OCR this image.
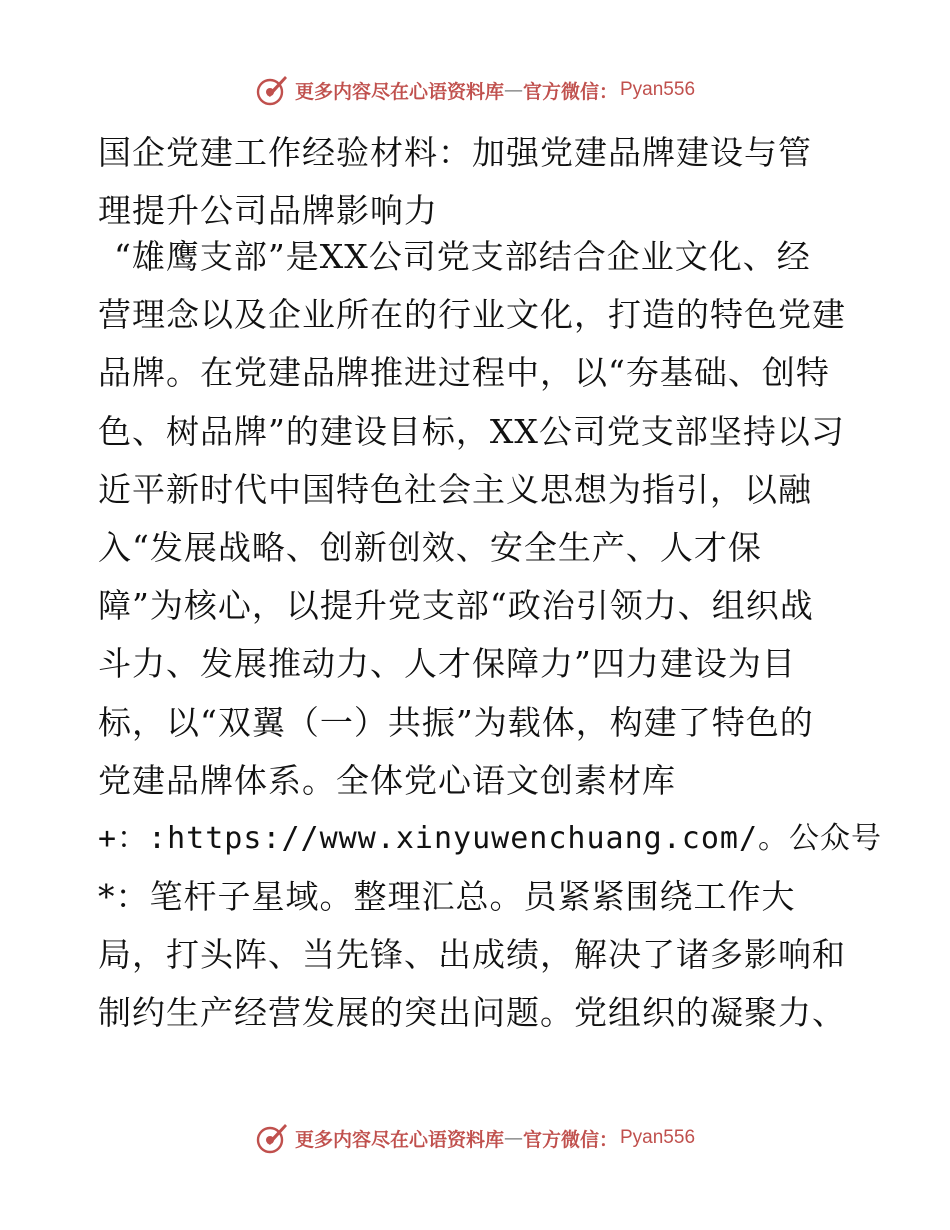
更多内容尽在心语资料库 — 官方微信： Pyan556
国企党建工作经验材料：加强党建品牌建设与管
理提升公司品牌影响力
“雄鹰支部”是XX公司党支部结合企业文化、经
营理念以及企业所在的行业文化，打造的特色党建
品牌。在党建品牌推进过程中，以“夯基础、创特
色、树品牌”的建设目标，XX公司党支部坚持以习
近平新时代中国特色社会主义思想为指引，以融
入“发展战略、创新创效、安全生产、人才保
障”为核心，以提升党支部“政治引领力、组织战
斗力、发展推动力、人才保障力”四力建设为目
标，以“双翼（一）共振”为载体，构建了特色的
党建品牌体系。全体党心语文创素材库
+：:https://www.xinyuwenchuang.com/。公众号
*：笔杆子星域。整理汇总。员紧紧围绕工作大
局，打头阵、当先锋、出成绩，解决了诸多影响和
制约生产经营发展的突出问题。党组织的凝聚力、
更多内容尽在心语资料库 — 官方微信： Pyan556
